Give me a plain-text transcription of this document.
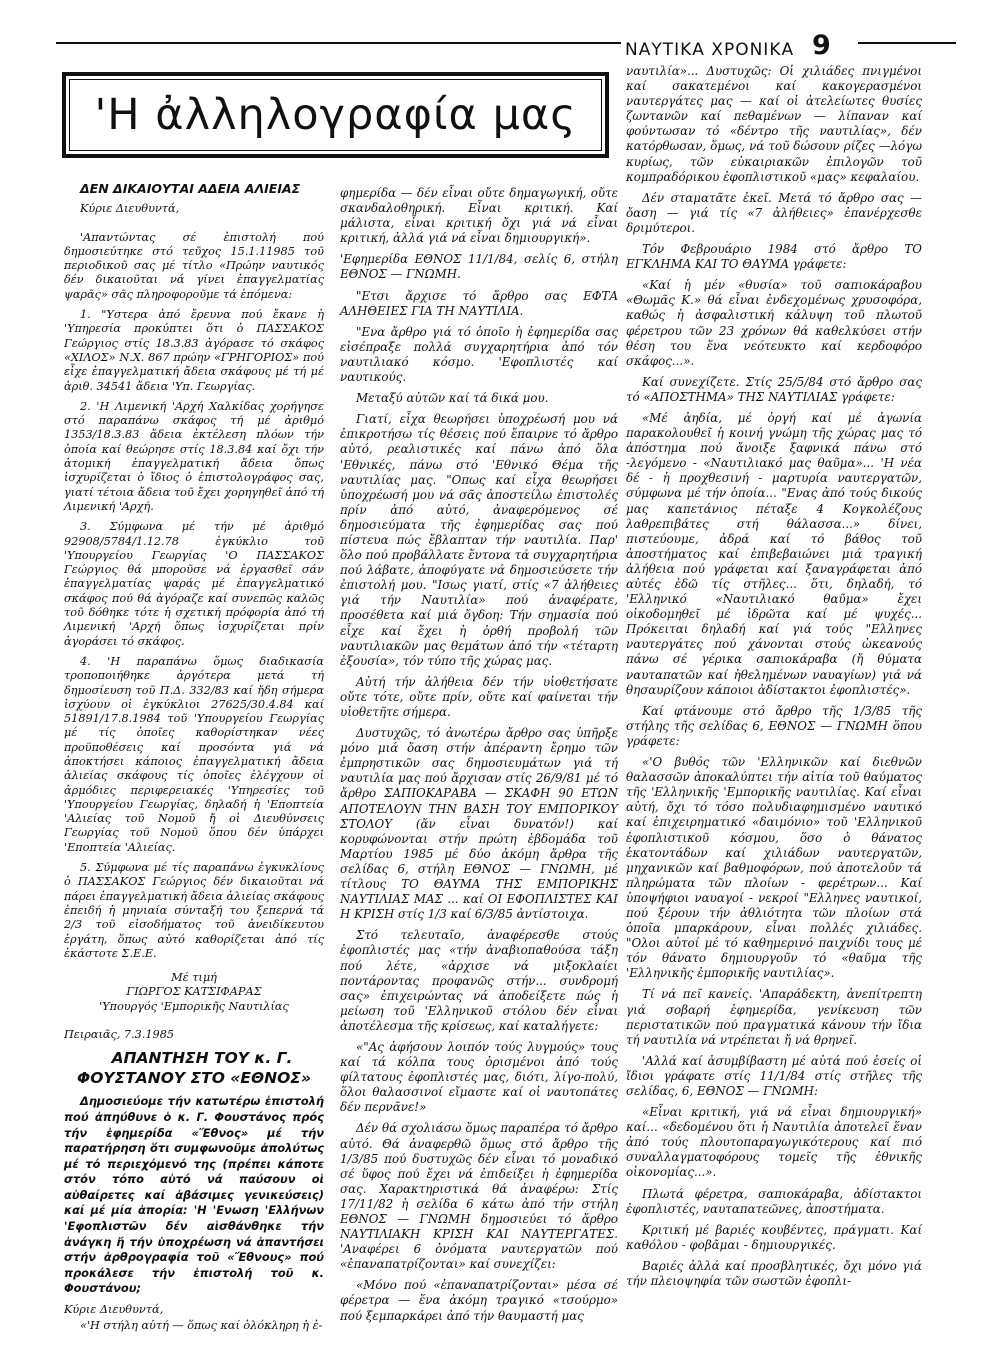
ΝΑΥΤΙΚΑ ΧΡΟΝΙΚΑ 9
'Η ἀλληλογραφία μας

ΔΕΝ ΔΙΚΑΙΟΥΤΑΙ ΑΔΕΙΑ ΑΛΙΕΙΑΣ

Κύριε Διευθυντά,

'Απαντώντας σέ ἐπιστολή πού δημοσιεύτηκε στό τεῦχος 15.1.11985 τοῦ περιοδικοῦ σας μέ τίτλο «Πρώην ναυτικός δέν δικαιοῦται νά γίνει ἐπαγγελματίας ψαρᾶς» σᾶς πληροφοροῦμε τά ἑπόμενα:

1. "Υστερα ἀπό ἔρευνα πού ἔκανε ἡ 'Υπηρεσία προκύπτει ὅτι ὁ ΠΑΣΣΑΚΟΣ Γεώργιος στίς 18.3.83 ἀγόρασε τό σκάφος «ΧΙΛΟΣ» Ν.Χ. 867 πρώην «ΓΡΗΓΟΡΙΟΣ» πού εἶχε ἐπαγγελματική ἄδεια σκάφους μέ τή μέ ἀριθ. 34541 ἄδεια 'Υπ. Γεωργίας.

2. 'Η Λιμενική 'Αρχή Χαλκίδας χορήγησε στό παραπάνω σκάφος τή μέ ἀριθμό 1353/18.3.83 ἄδεια ἐκτέλεση πλόων τήν ὁποία καί θεώρησε στίς 18.3.84 καί ὄχι τήν ἀτομική ἐπαγγελματική ἄδεια ὅπως ἰσχυρίζεται ὁ ἴδιος ὁ ἐπιστολογράφος σας, γιατί τέτοια ἄδεια τοῦ ἔχει χορηγηθεῖ ἀπό τή Λιμενική 'Αρχή.

3. Σύμφωνα μέ τήν μέ ἀριθμό 92908/5784/1.12.78 ἐγκύκλιο τοῦ 'Υπουργείου Γεωργίας 'Ο ΠΑΣΣΑΚΟΣ Γεώργιος θά μποροῦσε νά ἐργασθεῖ σάν ἐπαγγελματίας ψαράς μέ ἐπαγγελματικό σκάφος πού θά ἀγόραζε καί συνεπῶς καλῶς τοῦ δόθηκε τότε ἡ σχετική πρόφορία ἀπό τή Λιμενική 'Αρχή ὅπως ἰσχυρίζεται πρίν ἀγοράσει τό σκάφος.

4. 'Η παραπάνω ὅμως διαδικασία τροποποιήθηκε ἀργότερα μετά τή δημοσίευση τοῦ Π.Δ. 332/83 καί ἤδη σήμερα ἰσχύουν οἱ ἐγκύκλιοι 27625/30.4.84 καί 51891/17.8.1984 τοῦ 'Υπουργείου Γεωργίας μέ τίς ὁποῖες καθορίστηκαν νέες προϋποθέσεις καί προσόντα γιά νά ἀποκτήσει κάποιος ἐπαγγελματική ἄδεια ἁλιείας σκάφους τίς ὁποῖες ἐλέγχουν οἱ ἁρμόδιες περιφερειακές 'Υπηρεσίες τοῦ 'Υπουργείου Γεωργίας, δηλαδή ἡ 'Εποπτεία 'Αλιείας τοῦ Νομοῦ ἤ οἱ Διευθύνσεις Γεωργίας τοῦ Νομοῦ ὅπου δέν ὑπάρχει 'Εποπτεία 'Αλιείας.

5. Σύμφωνα μέ τίς παραπάνω ἐγκυκλίους ὁ ΠΑΣΣΑΚΟΣ Γεώργιος δέν δικαιοῦται νά πάρει ἐπαγγελματική ἄδεια ἁλιείας σκάφους ἐπειδή ἡ μηνιαία σύνταξή του ξεπερνά τά 2/3 τοῦ εἰσοδήματος τοῦ ἀνειδίκευτου ἐργάτη, ὅπως αὐτό καθορίζεται ἀπό τίς ἑκάστοτε Σ.Ε.Ε.

Μέ τιμή

ΓΙΩΡΓΟΣ ΚΑΤΣΙΦΑΡΑΣ

'Υπουργός 'Εμπορικῆς Ναυτιλίας

Πειραιᾶς, 7.3.1985

ΑΠΑΝΤΗΣΗ ΤΟΥ κ. Γ. ΦΟΥΣΤΑΝΟΥ ΣΤΟ «ΕΘΝΟΣ»

Δημοσιεύομε τήν κατωτέρω ἐπιστολή πού ἀπηύθυνε ὁ κ. Γ. Φουστάνος πρός τήν ἐφημερίδα «Ἔθνος» μέ τήν παρατήρηση ὅτι συμφωνοῦμε ἀπολύτως μέ τό περιεχόμενό της (πρέπει κάποτε στόν τόπο αὐτό νά παύσουν οἱ αὐθαίρετες καί ἀβάσιμες γενικεύσεις) καί μέ μία ἀπορία: 'Η 'Ενωση 'Ελλήνων 'Εφοπλιστῶν δέν αἰσθάνθηκε τήν ἀνάγκη ἤ τήν ὑποχρέωση νά ἀπαντήσει στήν ἀρθρογραφία τοῦ «Ἔθνους» πού προκάλεσε τήν ἐπιστολή τοῦ κ. Φουστάνου;

Κύριε Διευθυντά,

«'Η στήλη αὐτή — ὅπως καί ὁλόκληρη ἡ ἐ-

φημερίδα — δέν εἶναι οὔτε δημαγωγική, οὔτε σκανδαλοθηρική. Εἶναι κριτική. Καί μάλιστα, εἶναι κριτική ὄχι γιά νά εἶναι κριτική, ἀλλά γιά νά εἶναι δημιουργική».

'Εφημερίδα ΕΘΝΟΣ 11/1/84, σελίς 6, στήλη ΕΘΝΟΣ — ΓΝΩΜΗ.

"Ετσι ἄρχισε τό ἄρθρο σας ΕΦΤΑ ΑΛΗΘΕΙΕΣ ΓΙΑ ΤΗ ΝΑΥΤΙΛΙΑ.

"Ενα ἄρθρο γιά τό ὁποῖο ἡ ἐφημερίδα σας εἰσέπραξε πολλά συγχαρητήρια ἀπό τόν ναυτιλιακό κόσμο. 'Εφοπλιστές καί ναυτικούς.

Μεταξύ αὐτῶν καί τά δικά μου.

Γιατί, εἶχα θεωρήσει ὑποχρέωσή μου νά ἐπικροτήσω τίς θέσεις πού ἔπαιρνε τό ἄρθρο αὐτό, ρεαλιστικές καί πάνω ἀπό ὅλα 'Εθνικές, πάνω στό 'Εθνικό Θέμα τῆς ναυτιλίας μας. "Οπως καί εἶχα θεωρήσει ὑποχρέωσή μου νά σᾶς ἀποστείλω ἐπιστολές πρίν ἀπό αὐτό, ἀναφερόμενος σέ δημοσιεύματα τῆς ἐφημερίδας σας πού πίστευα πώς ἔβλαπταν τήν ναυτιλία. Παρ' ὅλο πού προβάλλατε ἔντονα τά συγχαρητήρια πού λάβατε, ἀποφύγατε νά δημοσιεύσετε τήν ἐπιστολή μου. "Ισως γιατί, στίς «7 ἀλήθειες γιά τήν Ναυτιλία» πού ἀναφέρατε, προσέθετα καί μιά ὄγδοη: Τήν σημασία πού εἶχε καί ἔχει ἡ ὀρθή προβολή τῶν ναυτιλιακῶν μας θεμάτων ἀπό τήν «τέταρτη ἐξουσία», τόν τύπο τῆς χώρας μας.

Αὐτή τήν ἀλήθεια δέν τήν υἱοθετήσατε οὔτε τότε, οὔτε πρίν, οὔτε καί φαίνεται τήν υἱοθετῆτε σήμερα.

Δυστυχῶς, τό ἀνωτέρω ἄρθρο σας ὑπῆρξε μόνο μιά ὄαση στήν ἀπέραντη ἔρημο τῶν ἐμπρηστικῶν σας δημοσιευμάτων γιά τή ναυτιλία μας πού ἄρχισαν στίς 26/9/81 μέ τό ἄρθρο ΣΑΠΙΟΚΑΡΑΒΑ — ΣΚΑΦΗ 90 ΕΤΩΝ ΑΠΟΤΕΛΟΥΝ ΤΗΝ ΒΑΣΗ ΤΟΥ ΕΜΠΟΡΙΚΟΥ ΣΤΟΛΟΥ (ἄν εἶναι δυνατόν!) καί κορυφώνονται στήν πρώτη ἑβδομάδα τοῦ Μαρτίου 1985 μέ δύο ἀκόμη ἄρθρα τῆς σελίδας 6, στήλη ΕΘΝΟΣ — ΓΝΩΜΗ, μέ τίτλους ΤΟ ΘΑΥΜΑ ΤΗΣ ΕΜΠΟΡΙΚΗΣ ΝΑΥΤΙΛΙΑΣ ΜΑΣ ... καί ΟΙ ΕΦΟΠΛΙΣΤΕΣ ΚΑΙ Η ΚΡΙΣΗ στίς 1/3 καί 6/3/85 ἀντίστοιχα.

Στό τελευταῖο, ἀναφέρεσθε στούς ἐφοπλιστές μας «τήν ἀναβιοπαθούσα τάξη πού λέτε, «ἀρχισε νά μιξοκλαίει ποντάροντας προφανῶς στήν... συνδρομή σας» ἐπιχειρώντας νά ἀποδείξετε πώς ἡ μείωση τοῦ 'Ελληνικοῦ στόλου δέν εἶναι ἀποτέλεσμα τῆς κρίσεως, καί καταλήγετε:

«"Ας ἀφήσουν λοιπόν τούς λυγμούς» τους καί τά κόλπα τους ὁρισμένοι ἀπό τούς φίλτατους ἐφοπλιστές μας, διότι, λίγο-πολύ, ὅλοι θαλασσινοί εἴμαστε καί οἱ ναυτοπάτες δέν περνᾶνε!»

Δέν θά σχολιάσω ὅμως παραπέρα τό ἄρθρο αὐτό. Θά ἀναφερθῶ ὅμως στό ἄρθρο τῆς 1/3/85 πού δυστυχῶς δέν εἶναι τό μοναδικό σέ ὕφος πού ἔχει νά ἐπιδείξει ἡ ἐφημερίδα σας. Χαρακτηριστικά θά ἀναφέρω: Στίς 17/11/82 ἡ σελίδα 6 κάτω ἀπό τήν στήλη ΕΘΝΟΣ — ΓΝΩΜΗ δημοσιεύει τό ἄρθρο ΝΑΥΤΙΛΙΑΚΗ ΚΡΙΣΗ ΚΑΙ ΝΑΥΤΕΡΓΑΤΕΣ. 'Αναφέρει 6 ὀνόματα ναυτεργατῶν πού «ἐπαναπατρίζονται» καί συνεχίζει:

«Μόνο πού «ἐπαναπατρίζονται» μέσα σέ φέρετρα — ἕνα ἀκόμη τραγικό «τσούρμο» πού ξεμπαρκάρει ἀπό τήν θαυμαστή μας

ναυτιλία»... Δυστυχῶς: Οἱ χιλιάδες πνιγμένοι καί σακατεμένοι καί κακογερασμένοι ναυτεργάτες μας — καί οἱ ἀτελείωτες θυσίες ζωντανῶν καί πεθαμένων — λίπαναν καί φούντωσαν τό «δέντρο τῆς ναυτιλίας», δέν κατόρθωσαν, ὅμως, νά τοῦ δώσουν ρίζες —λόγω κυρίως, τῶν εὐκαιριακῶν ἐπιλογῶν τοῦ κομπραδόρικου ἐφοπλιστικοῦ «μας» κεφαλαίου.

Δέν σταματᾶτε ἐκεῖ. Μετά τό ἄρθρο σας — ὄαση — γιά τίς «7 ἀλήθειες» ἐπανέρχεσθε δριμύτεροι.

Τόν Φεβρουάριο 1984 στό ἄρθρο ΤΟ ΕΓΚΛΗΜΑ ΚΑΙ ΤΟ ΘΑΥΜΑ γράφετε:

«Καί ἡ μέν «θυσία» τοῦ σαπιοκάραβου «Θωμᾶς Κ.» θά εἶναι ἐνδεχομένως χρυσοφόρα, καθώς ἡ ἀσφαλιστική κάλυψη τοῦ πλωτοῦ φέρετρου τῶν 23 χρόνων θά καθελκύσει στήν θέση του ἕνα νεότευκτο καί κερδοφόρο σκάφος...».

Καί συνεχίζετε. Στίς 25/5/84 στό ἄρθρο σας τό «ΑΠΟΣΤΗΜΑ» ΤΗΣ ΝΑΥΤΙΛΙΑΣ γράφετε:

«Μέ ἀηδία, μέ ὀργή καί μέ ἀγωνία παρακολουθεῖ ἡ κοινή γνώμη τῆς χώρας μας τό ἀπόστημα πού ἄνοιξε ξαφνικά πάνω στό -λεγόμενο - «Ναυτιλιακό μας θαῦμα»... 'Η νέα δέ - ἡ προχθεσινή - μαρτυρία ναυτεργατῶν, σύμφωνα μέ τήν ὁποία... "Ενας ἀπό τούς δικούς μας καπετάνιος πέταξε 4 Κογκολέζους λαθρεπιβάτες στή θάλασσα...» δίνει, πιστεύουμε, ἀδρά καί τό βάθος τοῦ ἀποστήματος καί ἐπιβεβαιώνει μιά τραγική ἀλήθεια πού γράφεται καί ξαναγράφεται ἀπό αὐτές ἐδῶ τίς στῆλες... ὅτι, δηλαδή, τό 'Ελληνικό «Ναυτιλιακό θαῦμα» ἔχει οἰκοδομηθεῖ μέ ἱδρῶτα καί μέ ψυχές... Πρόκειται δηλαδή καί γιά τούς "Ελληνες ναυτεργάτες πού χάνονται στούς ὠκεανούς πάνω σέ γέρικα σαπιοκάραβα (ἤ θύματα ναυταπατῶν καί ἠθελημένων ναυαγίων) γιά νά θησαυρίζουν κάποιοι ἀδίστακτοι ἐφοπλιστές».

Καί φτάνουμε στό ἄρθρο τῆς 1/3/85 τῆς στήλης τῆς σελίδας 6, ΕΘΝΟΣ — ΓΝΩΜΗ ὅπου γράφετε:

«'Ο βυθός τῶν 'Ελληνικῶν καί διεθνῶν θαλασσῶν ἀποκαλύπτει τήν αἰτία τοῦ θαύματος τῆς 'Ελληνικῆς 'Εμπορικῆς ναυτιλίας. Καί εἶναι αὐτή, ὄχι τό τόσο πολυδιαφημισμένο ναυτικό καί ἐπιχειρηματικό «δαιμόνιο» τοῦ 'Ελληνικοῦ ἐφοπλιστικοῦ κόσμου, ὅσο ὁ θάνατος ἑκατοντάδων καί χιλιάδων ναυτεργατῶν, μηχανικῶν καί βαθμοφόρων, πού ἀποτελοῦν τά πληρώματα τῶν πλοίων - φερέτρων... Καί ὑποψήφιοι ναυαγοί - νεκροί "Ελληνες ναυτικοί, πού ξέρουν τήν ἀθλιότητα τῶν πλοίων στά ὁποῖα μπαρκάρουν, εἶναι πολλές χιλιάδες. "Ολοι αὐτοί μέ τό καθημερινό παιχνίδι τους μέ τόν θάνατο δημιουργοῦν τό «θαῦμα τῆς 'Ελληνικῆς ἐμπορικῆς ναυτιλίας».

Τί νά πεῖ κανείς. 'Απαράδεκτη, ἀνεπίτρεπτη γιά σοβαρή ἐφημερίδα, γενίκευση τῶν περιστατικῶν πού πραγματικά κάνουν τήν ἴδια τή ναυτιλία νά ντρέπεται ἤ νά θρηνεῖ.

'Αλλά καί ἀσυμβίβαστη μέ αὐτά πού ἐσείς οἱ ἴδιοι γράφατε στίς 11/1/84 στίς στῆλες τῆς σελίδας, 6, ΕΘΝΟΣ — ΓΝΩΜΗ:

«Εἶναι κριτική, γιά νά εἶναι δημιουργική» καί... «δεδομένου ὅτι ἡ Ναυτιλία ἀποτελεῖ ἕναν ἀπό τούς πλουτοπαραγωγικότερους καί πιό συναλλαγματοφόρους τομεῖς τῆς ἐθνικῆς οἰκονομίας...».

Πλωτά φέρετρα, σαπιοκάραβα, ἀδίστακτοι ἐφοπλιστές, ναυταπατεῶνες, ἀποστήματα.

Κριτική μέ βαριές κουβέντες, πράγματι. Καί καθόλου - φοβᾶμαι - δημιουργικές.

Βαριές ἀλλά καί προσβλητικές, ὄχι μόνο γιά τήν πλειοψηφία τῶν σωστῶν ἐφοπλι-
